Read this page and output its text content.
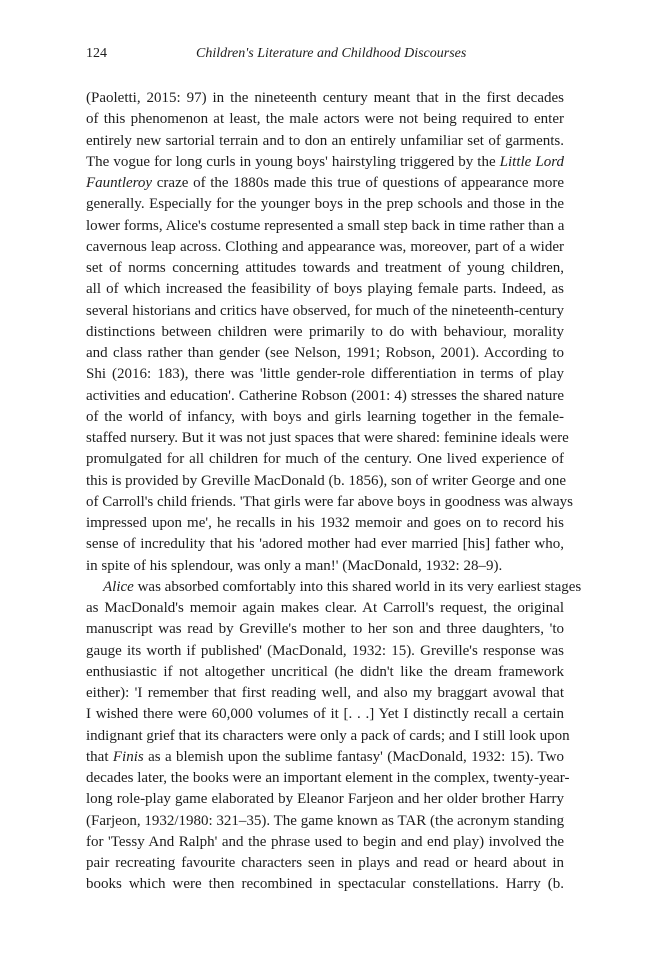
124	Children's Literature and Childhood Discourses
(Paoletti, 2015: 97) in the nineteenth century meant that in the first decades
of this phenomenon at least, the male actors were not being required to enter
entirely new sartorial terrain and to don an entirely unfamiliar set of garments.
The vogue for long curls in young boys' hairstyling triggered by the Little Lord
Fauntleroy craze of the 1880s made this true of questions of appearance more
generally. Especially for the younger boys in the prep schools and those in the
lower forms, Alice's costume represented a small step back in time rather than a
cavernous leap across. Clothing and appearance was, moreover, part of a wider
set of norms concerning attitudes towards and treatment of young children,
all of which increased the feasibility of boys playing female parts. Indeed, as
several historians and critics have observed, for much of the nineteenth-century
distinctions between children were primarily to do with behaviour, morality
and class rather than gender (see Nelson, 1991; Robson, 2001). According to
Shi (2016: 183), there was 'little gender-role differentiation in terms of play
activities and education'. Catherine Robson (2001: 4) stresses the shared nature
of the world of infancy, with boys and girls learning together in the female-
staffed nursery. But it was not just spaces that were shared: feminine ideals were
promulgated for all children for much of the century. One lived experience of
this is provided by Greville MacDonald (b. 1856), son of writer George and one
of Carroll's child friends. 'That girls were far above boys in goodness was always
impressed upon me', he recalls in his 1932 memoir and goes on to record his
sense of incredulity that his 'adored mother had ever married [his] father who,
in spite of his splendour, was only a man!' (MacDonald, 1932: 28–9).
Alice was absorbed comfortably into this shared world in its very earliest stages
as MacDonald's memoir again makes clear. At Carroll's request, the original
manuscript was read by Greville's mother to her son and three daughters, 'to
gauge its worth if published' (MacDonald, 1932: 15). Greville's response was
enthusiastic if not altogether uncritical (he didn't like the dream framework
either): 'I remember that first reading well, and also my braggart avowal that
I wished there were 60,000 volumes of it [. . .] Yet I distinctly recall a certain
indignant grief that its characters were only a pack of cards; and I still look upon
that Finis as a blemish upon the sublime fantasy' (MacDonald, 1932: 15). Two
decades later, the books were an important element in the complex, twenty-year-
long role-play game elaborated by Eleanor Farjeon and her older brother Harry
(Farjeon, 1932/1980: 321–35). The game known as TAR (the acronym standing
for 'Tessy And Ralph' and the phrase used to begin and end play) involved the
pair recreating favourite characters seen in plays and read or heard about in
books which were then recombined in spectacular constellations. Harry (b.
